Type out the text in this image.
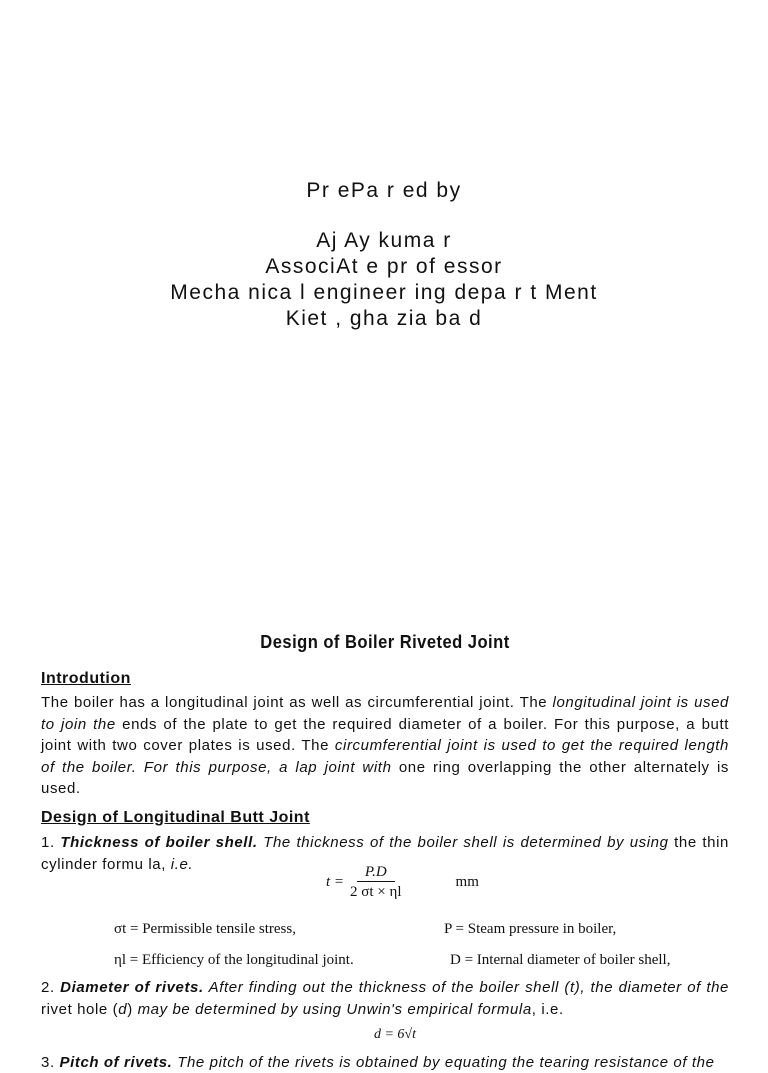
Pr ePa r ed by
Aj Ay kuma r
AssociAt e pr of essor
Mecha nica l engineer ing depa r t Ment
Kiet , gha zia ba d
Design of Boiler Riveted Joint
Introdution

The boiler has a longitudinal joint as well as circumferential joint. The longitudinal joint is used to join the ends of the plate to get the required diameter of a boiler. For this purpose, a butt joint with two cover plates is used. The circumferential joint is used to get the required length of the boiler. For this purpose, a lap joint with one ring overlapping the other alternately is used.

Design of Longitudinal Butt Joint

1. Thickness of boiler shell. The thickness of the boiler shell is determined by using the thin cylinder formu la, i.e.

$t = \frac{P.D}{2 \sigma t \times \eta l}$	mm
σt = Permissible tensile stress,	P = Steam pressure in boiler,
ηl = Efficiency of the longitudinal joint.	D = Internal diameter of boiler shell,

2. Diameter of rivets. After finding out the thickness of the boiler shell (t), the diameter of the rivet hole (d) may be determined by using Unwin's empirical formula, i.e.

d = 6√t

3. Pitch of rivets. The pitch of the rivets is obtained by equating the tearing resistance of the
